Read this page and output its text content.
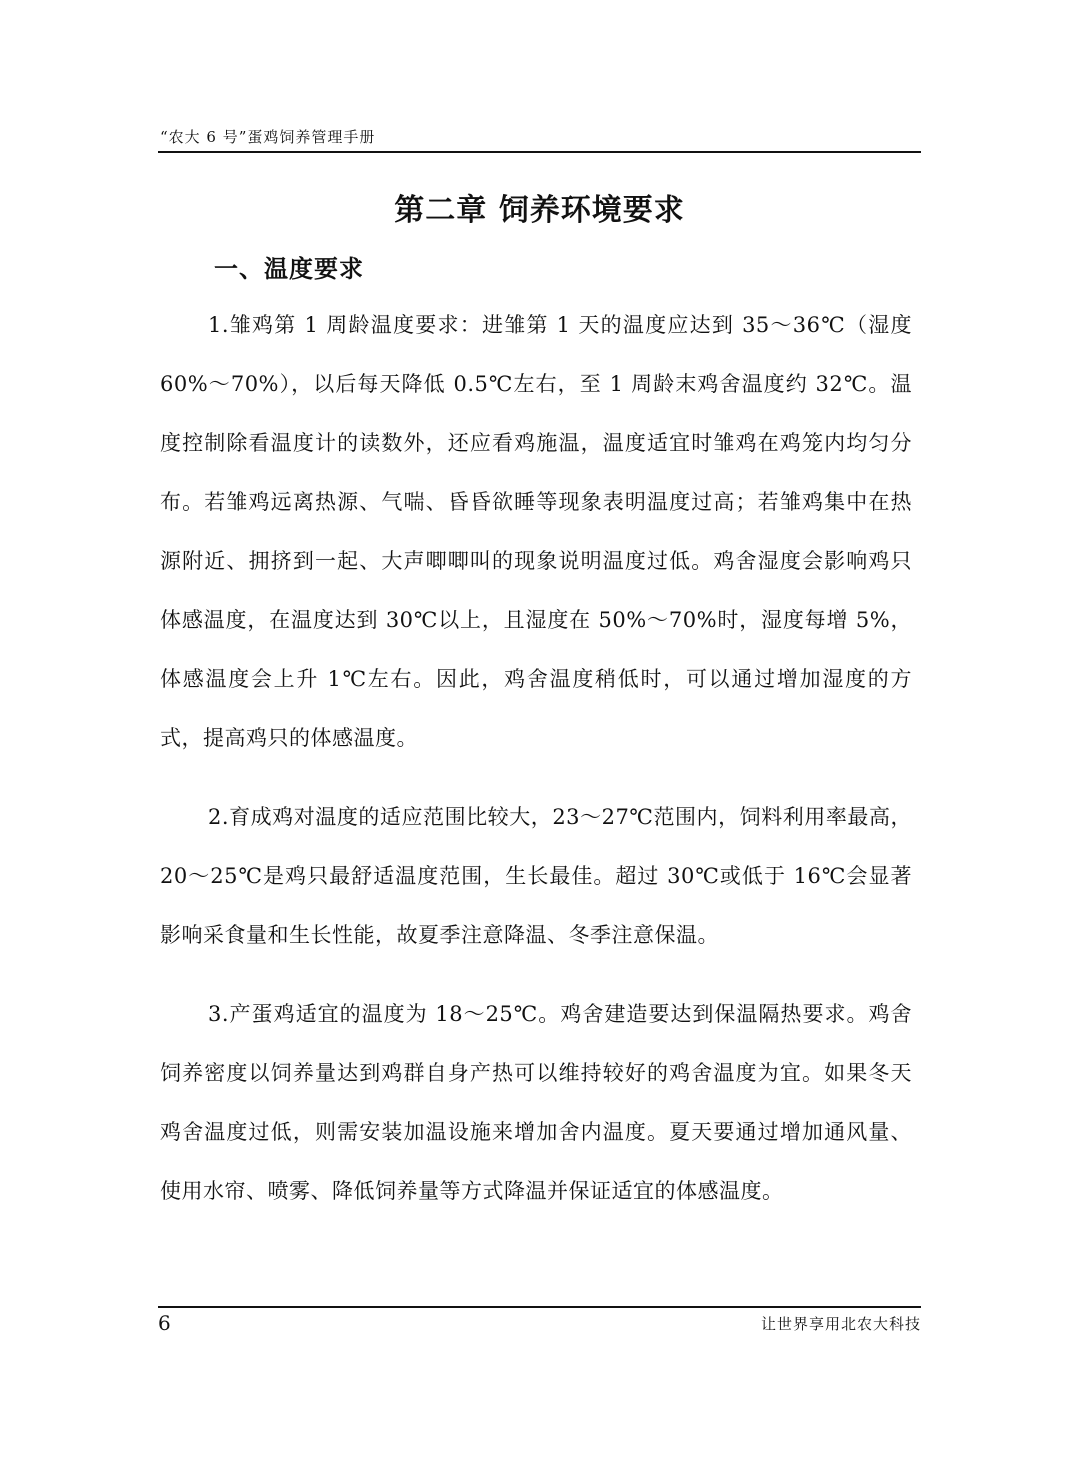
“农大 6 号”蛋鸡饲养管理手册
第二章 饲养环境要求
一、温度要求

1.雏鸡第 1 周龄温度要求：进雏第 1 天的温度应达到 35～36℃（湿度 60%～70%），以后每天降低 0.5℃左右，至 1 周龄末鸡舍温度约 32℃。温度控制除看温度计的读数外，还应看鸡施温，温度适宜时雏鸡在鸡笼内均匀分布。若雏鸡远离热源、气喘、昏昏欲睡等现象表明温度过高；若雏鸡集中在热源附近、拥挤到一起、大声唧唧叫的现象说明温度过低。鸡舍湿度会影响鸡只体感温度，在温度达到 30℃以上，且湿度在 50%～70%时，湿度每增 5%，体感温度会上升 1℃左右。因此，鸡舍温度稍低时，可以通过增加湿度的方式，提高鸡只的体感温度。

2.育成鸡对温度的适应范围比较大，23～27℃范围内，饲料利用率最高，20～25℃是鸡只最舒适温度范围，生长最佳。超过 30℃或低于 16℃会显著影响采食量和生长性能，故夏季注意降温、冬季注意保温。

3.产蛋鸡适宜的温度为 18～25℃。鸡舍建造要达到保温隔热要求。鸡舍饲养密度以饲养量达到鸡群自身产热可以维持较好的鸡舍温度为宜。如果冬天鸡舍温度过低，则需安装加温设施来增加舍内温度。夏天要通过增加通风量、使用水帘、喷雾、降低饲养量等方式降温并保证适宜的体感温度。

6	让世界享用北农大科技
